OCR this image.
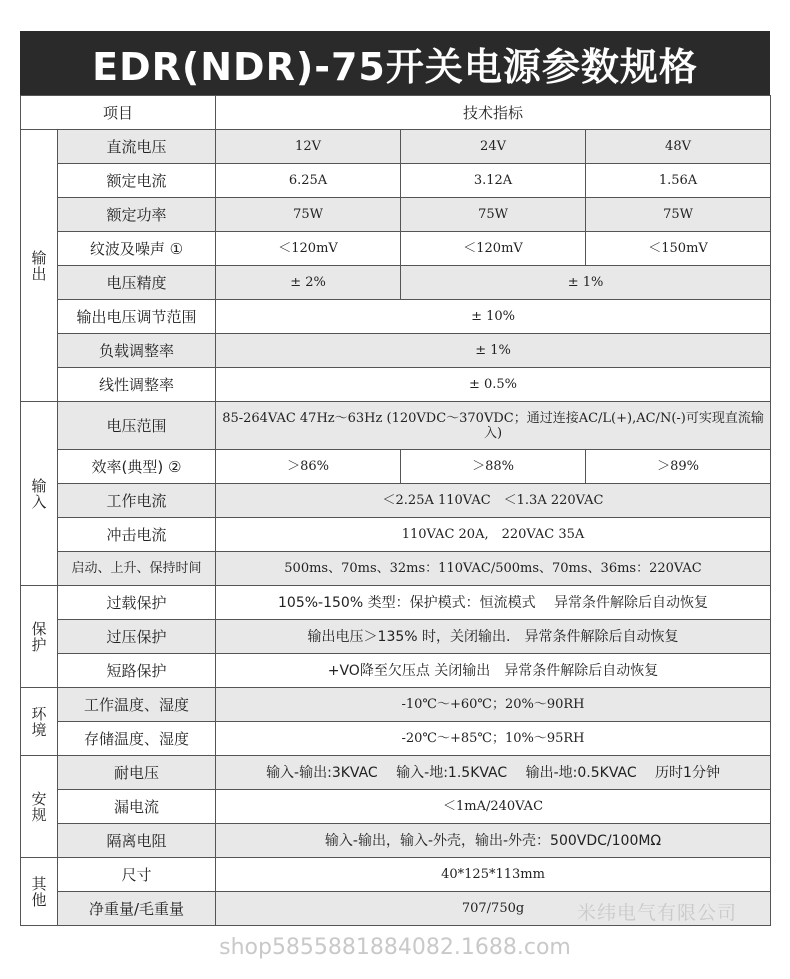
EDR(NDR)-75开关电源参数规格
项目		技术指标		
输出	直流电压	12V	24V	48V
	额定电流	6.25A	3.12A	1.56A
	额定功率	75W	75W	75W
	纹波及噪声 ①	＜120mV	＜120mV	＜150mV
	电压精度	± 2%	± 1%	
	输出电压调节范围	± 10%		
	负载调整率	± 1%		
	线性调整率	± 0.5%		
输入	电压范围	85-264VAC 47Hz～63Hz (120VDC～370VDC；通过连接AC/L(+),AC/N(-)可实现直流输入)		
	效率(典型) ②	＞86%	＞88%	＞89%
	工作电流	＜2.25A 110VAC　＜1.3A 220VAC		
	冲击电流	110VAC 20A,　220VAC 35A		
	启动、上升、保持时间	500ms、70ms、32ms：110VAC/500ms、70ms、36ms：220VAC		
保护	过载保护	105%-150% 类型：保护模式：恒流模式　 异常条件解除后自动恢复		
	过压保护	输出电压＞135% 时，关闭输出.　异常条件解除后自动恢复		
	短路保护	+VO降至欠压点 关闭输出　异常条件解除后自动恢复		
环境	工作温度、湿度	-10℃～+60℃；20%～90RH		
	存储温度、湿度	-20℃～+85℃；10%～95RH		
安规	耐电压	输入-输出:3KVAC　 输入-地:1.5KVAC　 输出-地:0.5KVAC　 历时1分钟		
	漏电流	＜1mA/240VAC		
	隔离电阻	输入-输出，输入-外壳，输出-外壳：500VDC/100MΩ		
其他	尺寸	40*125*113mm		
	净重量/毛重量	707/750g			米纬电气有限公司
shop5855881884082.1688.com
